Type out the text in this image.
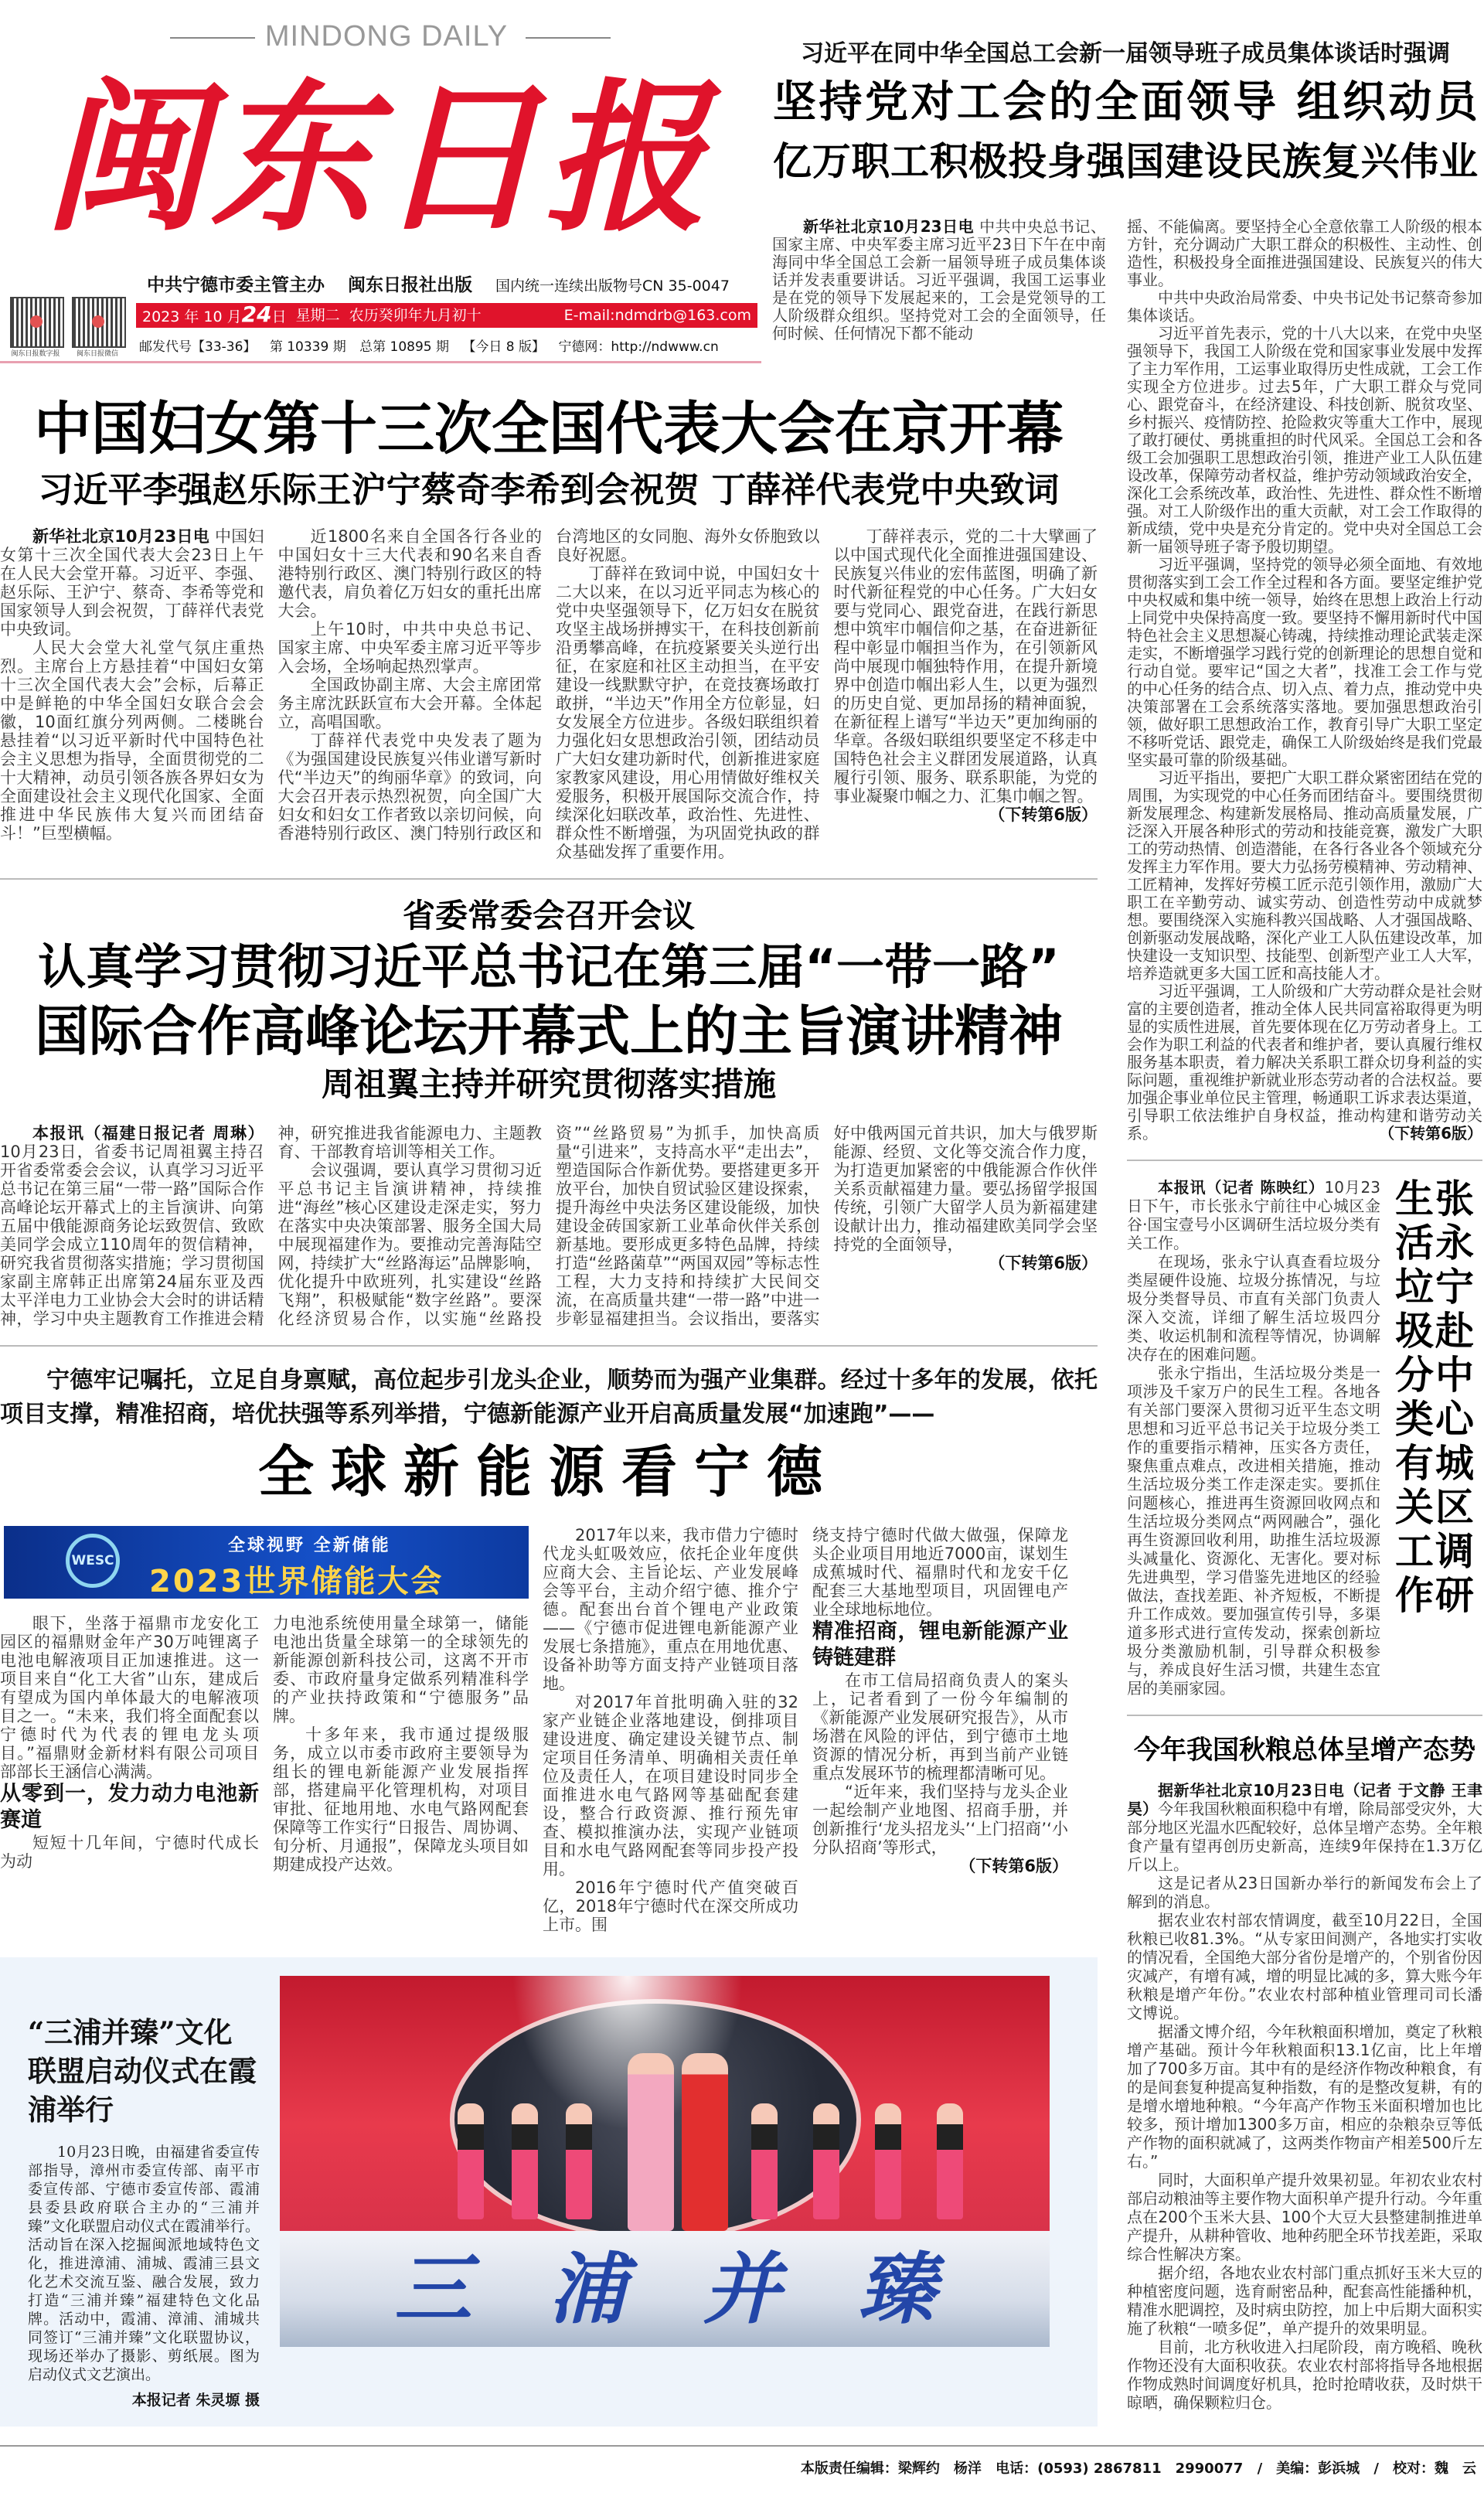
MINDONG DAILY
闽东日报
中共宁德市委主管主办 闽东日报社出版 国内统一连续出版物号CN 35-0047
闽东日报数字报	闽东日报微信
2023 年 10 月24日 星期二 农历癸卯年九月初十	E-mail:ndmdrb@163.com
邮发代号【33-36】 第 10339 期 总第 10895 期 【今日 8 版】 宁德网：http://ndwww.cn
习近平在同中华全国总工会新一届领导班子成员集体谈话时强调
坚持党对工会的全面领导 组织动员
亿万职工积极投身强国建设民族复兴伟业

新华社北京10月23日电 中共中央总书记、国家主席、中央军委主席习近平23日下午在中南海同中华全国总工会新一届领导班子成员集体谈话并发表重要讲话。习近平强调，我国工运事业是在党的领导下发展起来的，工会是党领导的工人阶级群众组织。坚持党对工会的全面领导，任何时候、任何情况下都不能动

摇、不能偏离。要坚持全心全意依靠工人阶级的根本方针，充分调动广大职工群众的积极性、主动性、创造性，积极投身全面推进强国建设、民族复兴的伟大事业。

中共中央政治局常委、中央书记处书记蔡奇参加集体谈话。

习近平首先表示，党的十八大以来，在党中央坚强领导下，我国工人阶级在党和国家事业发展中发挥了主力军作用，工运事业取得历史性成就，工会工作实现全方位进步。过去5年，广大职工群众与党同心、跟党奋斗，在经济建设、科技创新、脱贫攻坚、乡村振兴、疫情防控、抢险救灾等重大工作中，展现了敢打硬仗、勇挑重担的时代风采。全国总工会和各级工会加强职工思想政治引领，推进产业工人队伍建设改革，保障劳动者权益，维护劳动领域政治安全，深化工会系统改革，政治性、先进性、群众性不断增强。对工人阶级作出的重大贡献，对工会工作取得的新成绩，党中央是充分肯定的。党中央对全国总工会新一届领导班子寄予殷切期望。

习近平强调，坚持党的领导必须全面地、有效地贯彻落实到工会工作全过程和各方面。要坚定维护党中央权威和集中统一领导，始终在思想上政治上行动上同党中央保持高度一致。要坚持不懈用新时代中国特色社会主义思想凝心铸魂，持续推动理论武装走深走实，不断增强学习践行党的创新理论的思想自觉和行动自觉。要牢记“国之大者”，找准工会工作与党的中心任务的结合点、切入点、着力点，推动党中央决策部署在工会系统落实落地。要加强思想政治引领，做好职工思想政治工作，教育引导广大职工坚定不移听党话、跟党走，确保工人阶级始终是我们党最坚实最可靠的阶级基础。

习近平指出，要把广大职工群众紧密团结在党的周围，为实现党的中心任务而团结奋斗。要围绕贯彻新发展理念、构建新发展格局、推动高质量发展，广泛深入开展各种形式的劳动和技能竞赛，激发广大职工的劳动热情、创造潜能，在各行各业各个领域充分发挥主力军作用。要大力弘扬劳模精神、劳动精神、工匠精神，发挥好劳模工匠示范引领作用，激励广大职工在辛勤劳动、诚实劳动、创造性劳动中成就梦想。要围绕深入实施科教兴国战略、人才强国战略、创新驱动发展战略，深化产业工人队伍建设改革，加快建设一支知识型、技能型、创新型产业工人大军，培养造就更多大国工匠和高技能人才。

习近平强调，工人阶级和广大劳动群众是社会财富的主要创造者，推动全体人民共同富裕取得更为明显的实质性进展，首先要体现在亿万劳动者身上。工会作为职工利益的代表者和维护者，要认真履行维权服务基本职责，着力解决关系职工群众切身利益的实际问题，重视维护新就业形态劳动者的合法权益。要加强企事业单位民主管理，畅通职工诉求表达渠道，引导职工依法维护自身权益，推动构建和谐劳动关系。	（下转第6版）

本报讯（记者 陈映红）10月23日下午，市长张永宁前往中心城区金谷·国宝壹号小区调研生活垃圾分类有关工作。

在现场，张永宁认真查看垃圾分类屋硬件设施、垃圾分拣情况，与垃圾分类督导员、市直有关部门负责人深入交流，详细了解生活垃圾四分类、收运机制和流程等情况，协调解决存在的困难问题。

张永宁指出，生活垃圾分类是一项涉及千家万户的民生工程。各地各有关部门要深入贯彻习近平生态文明思想和习近平总书记关于垃圾分类工作的重要指示精神，压实各方责任，聚焦重点难点，改进相关措施，推动生活垃圾分类工作走深走实。要抓住问题核心，推进再生资源回收网点和生活垃圾分类网点“两网融合”，强化再生资源回收利用，助推生活垃圾源头减量化、资源化、无害化。要对标先进典型，学习借鉴先进地区的经验做法，查找差距、补齐短板，不断提升工作成效。要加强宣传引导，多渠道多形式进行宣传发动，探索创新垃圾分类激励机制，引导群众积极参与，养成良好生活习惯，共建生态宜居的美丽家园。

张永宁赴中心城区调研生活垃圾分类有关工作
今年我国秋粮总体呈增产态势

据新华社北京10月23日电（记者 于文静 王聿昊）今年我国秋粮面积稳中有增，除局部受灾外，大部分地区光温水匹配较好，总体呈增产态势。全年粮食产量有望再创历史新高，连续9年保持在1.3万亿斤以上。

这是记者从23日国新办举行的新闻发布会上了解到的消息。

据农业农村部农情调度，截至10月22日，全国秋粮已收81.3%。“从专家田间测产，各地实打实收的情况看，全国绝大部分省份是增产的，个别省份因灾减产，有增有减，增的明显比减的多，算大账今年秋粮是增产年份。”农业农村部种植业管理司司长潘文博说。

据潘文博介绍，今年秋粮面积增加，奠定了秋粮增产基础。预计今年秋粮面积13.1亿亩，比上年增加了700多万亩。其中有的是经济作物改种粮食，有的是间套复种提高复种指数，有的是整改复耕，有的是增水增地种粮。“今年高产作物玉米面积增加也比较多，预计增加1300多万亩，相应的杂粮杂豆等低产作物的面积就减了，这两类作物亩产相差500斤左右。”

同时，大面积单产提升效果初显。年初农业农村部启动粮油等主要作物大面积单产提升行动。今年重点在200个玉米大县、100个大豆大县整建制推进单产提升，从耕种管收、地种药肥全环节找差距，采取综合性解决方案。

据介绍，各地农业农村部门重点抓好玉米大豆的种植密度问题，选育耐密品种，配套高性能播种机，精准水肥调控，及时病虫防控，加上中后期大面积实施了秋粮“一喷多促”，单产提升的效果明显。

目前，北方秋收进入扫尾阶段，南方晚稻、晚秋作物还没有大面积收获。农业农村部将指导各地根据作物成熟时间调度好机具，抢时抢晴收获，及时烘干晾晒，确保颗粒归仓。

中国妇女第十三次全国代表大会在京开幕
习近平李强赵乐际王沪宁蔡奇李希到会祝贺 丁薛祥代表党中央致词

新华社北京10月23日电 中国妇女第十三次全国代表大会23日上午在人民大会堂开幕。习近平、李强、赵乐际、王沪宁、蔡奇、李希等党和国家领导人到会祝贺，丁薛祥代表党中央致词。

人民大会堂大礼堂气氛庄重热烈。主席台上方悬挂着“中国妇女第十三次全国代表大会”会标，后幕正中是鲜艳的中华全国妇女联合会会徽，10面红旗分列两侧。二楼眺台悬挂着“以习近平新时代中国特色社会主义思想为指导，全面贯彻党的二十大精神，动员引领各族各界妇女为全面建设社会主义现代化国家、全面推进中华民族伟大复兴而团结奋斗！”巨型横幅。

近1800名来自全国各行各业的中国妇女十三大代表和90名来自香港特别行政区、澳门特别行政区的特邀代表，肩负着亿万妇女的重托出席大会。

上午10时，中共中央总书记、国家主席、中央军委主席习近平等步入会场，全场响起热烈掌声。

全国政协副主席、大会主席团常务主席沈跃跃宣布大会开幕。全体起立，高唱国歌。

丁薛祥代表党中央发表了题为《为强国建设民族复兴伟业谱写新时代“半边天”的绚丽华章》的致词，向大会召开表示热烈祝贺，向全国广大妇女和妇女工作者致以亲切问候，向香港特别行政区、澳门特别行政区和台湾地区的女同胞、海外女侨胞致以良好祝愿。

丁薛祥在致词中说，中国妇女十二大以来，在以习近平同志为核心的党中央坚强领导下，亿万妇女在脱贫攻坚主战场拼搏实干，在科技创新前沿勇攀高峰，在抗疫紧要关头逆行出征，在家庭和社区主动担当，在平安建设一线默默守护，在竞技赛场敢打敢拼，“半边天”作用全方位彰显，妇女发展全方位进步。各级妇联组织着力强化妇女思想政治引领，团结动员广大妇女建功新时代，创新推进家庭家教家风建设，用心用情做好维权关爱服务，积极开展国际交流合作，持续深化妇联改革，政治性、先进性、群众性不断增强，为巩固党执政的群众基础发挥了重要作用。

丁薛祥表示，党的二十大擘画了以中国式现代化全面推进强国建设、民族复兴伟业的宏伟蓝图，明确了新时代新征程党的中心任务。广大妇女要与党同心、跟党奋进，在践行新思想中筑牢巾帼信仰之基，在奋进新征程中彰显巾帼担当作为，在引领新风尚中展现巾帼独特作用，在提升新境界中创造巾帼出彩人生，以更为强烈的历史自觉、更加昂扬的精神面貌，在新征程上谱写“半边天”更加绚丽的华章。各级妇联组织要坚定不移走中国特色社会主义群团发展道路，认真履行引领、服务、联系职能，为党的事业凝聚巾帼之力、汇集巾帼之智。
（下转第6版）

省委常委会召开会议
认真学习贯彻习近平总书记在第三届“一带一路”
国际合作高峰论坛开幕式上的主旨演讲精神
周祖翼主持并研究贯彻落实措施

本报讯（福建日报记者 周琳）10月23日，省委书记周祖翼主持召开省委常委会会议，认真学习习近平总书记在第三届“一带一路”国际合作高峰论坛开幕式上的主旨演讲、向第五届中俄能源商务论坛致贺信、致欧美同学会成立110周年的贺信精神，研究我省贯彻落实措施；学习贯彻国家副主席韩正出席第24届东亚及西太平洋电力工业协会大会时的讲话精神，学习中央主题教育工作推进会精神，研究推进我省能源电力、主题教育、干部教育培训等相关工作。

会议强调，要认真学习贯彻习近平总书记主旨演讲精神，持续推进“海丝”核心区建设走深走实，努力在落实中央决策部署、服务全国大局中展现福建作为。要推动完善海陆空网，持续扩大“丝路海运”品牌影响，优化提升中欧班列，扎实建设“丝路飞翔”，积极赋能“数字丝路”。要深化经济贸易合作，以实施“丝路投资”“丝路贸易”为抓手，加快高质量“引进来”，支持高水平“走出去”，塑造国际合作新优势。要搭建更多开放平台，加快自贸试验区建设探索，提升海丝中央法务区建设能级，加快建设金砖国家新工业革命伙伴关系创新基地。要形成更多特色品牌，持续打造“丝路菌草”“两国双园”等标志性工程，大力支持和持续扩大民间交流，在高质量共建“一带一路”中进一步彰显福建担当。会议指出，要落实好中俄两国元首共识，加大与俄罗斯能源、经贸、文化等交流合作力度，为打造更加紧密的中俄能源合作伙伴关系贡献福建力量。要弘扬留学报国传统，引领广大留学人员为新福建建设献计出力，推动福建欧美同学会坚持党的全面领导，
（下转第6版）

宁德牢记嘱托，立足自身禀赋，高位起步引龙头企业，顺势而为强产业集群。经过十多年的发展，依托项目支撑，精准招商，培优扶强等系列举措，宁德新能源产业开启高质量发展“加速跑”——
全球新能源看宁德
WESC
全球视野 全新储能
2023世界储能大会

眼下，坐落于福鼎市龙安化工园区的福鼎财金年产30万吨锂离子电池电解液项目正加速推进。这一项目来自“化工大省”山东，建成后有望成为国内单体最大的电解液项目之一。“未来，我们将全面配套以宁德时代为代表的锂电龙头项目。”福鼎财金新材料有限公司项目部部长王涵信心满满。

从零到一，发力动力电池新赛道

短短十几年间，宁德时代成长为动

力电池系统使用量全球第一，储能电池出货量全球第一的全球领先的新能源创新科技公司，这离不开市委、市政府量身定做系列精准科学的产业扶持政策和“宁德服务”品牌。

十多年来，我市通过提级服务，成立以市委市政府主要领导为组长的锂电新能源产业发展指挥部，搭建扁平化管理机构，对项目审批、征地用地、水电气路网配套保障等工作实行“日报告、周协调、旬分析、月通报”，保障龙头项目如期建成投产达效。

2017年以来，我市借力宁德时代龙头虹吸效应，依托企业年度供应商大会、主旨论坛、产业发展峰会等平台，主动介绍宁德、推介宁德。配套出台首个锂电产业政策——《宁德市促进锂电新能源产业发展七条措施》，重点在用地优惠、设备补助等方面支持产业链项目落地。

对2017年首批明确入驻的32家产业链企业落地建设，倒排项目建设进度、确定建设关键节点、制定项目任务清单、明确相关责任单位及责任人，在项目建设时同步全面推进水电气路网等基础配套建设，整合行政资源、推行预先审查、模拟推演办法，实现产业链项目和水电气路网配套等同步投产投用。

2016年宁德时代产值突破百亿，2018年宁德时代在深交所成功上市。围

绕支持宁德时代做大做强，保障龙头企业项目用地近7000亩，谋划生成蕉城时代、福鼎时代和龙安千亿配套三大基地型项目，巩固锂电产业全球地标地位。

精准招商，锂电新能源产业铸链建群

在市工信局招商负责人的案头上，记者看到了一份今年编制的《新能源产业发展研究报告》，从市场潜在风险的评估，到宁德市土地资源的情况分析，再到当前产业链重点发展环节的梳理都清晰可见。

“近年来，我们坚持与龙头企业一起绘制产业地图、招商手册，并创新推行‘龙头招龙头’‘上门招商’‘小分队招商’等形式，
（下转第6版）

“三浦并臻”文化联盟启动仪式在霞浦举行

10月23日晚，由福建省委宣传部指导，漳州市委宣传部、南平市委宣传部、宁德市委宣传部、霞浦县委县政府联合主办的“三浦并臻”文化联盟启动仪式在霞浦举行。活动旨在深入挖掘闽派地域特色文化，推进漳浦、浦城、霞浦三县文化艺术交流互鉴、融合发展，致力打造“三浦并臻”福建特色文化品牌。活动中，霞浦、漳浦、浦城共同签订“三浦并臻”文化联盟协议，现场还举办了摄影、剪纸展。图为启动仪式文艺演出。

本报记者 朱灵塬 摄
三浦并臻
本版责任编辑：梁辉约　杨洋 电话：(0593) 2867811　2990077 /　美编：彭浜城 /　校对：魏　云
